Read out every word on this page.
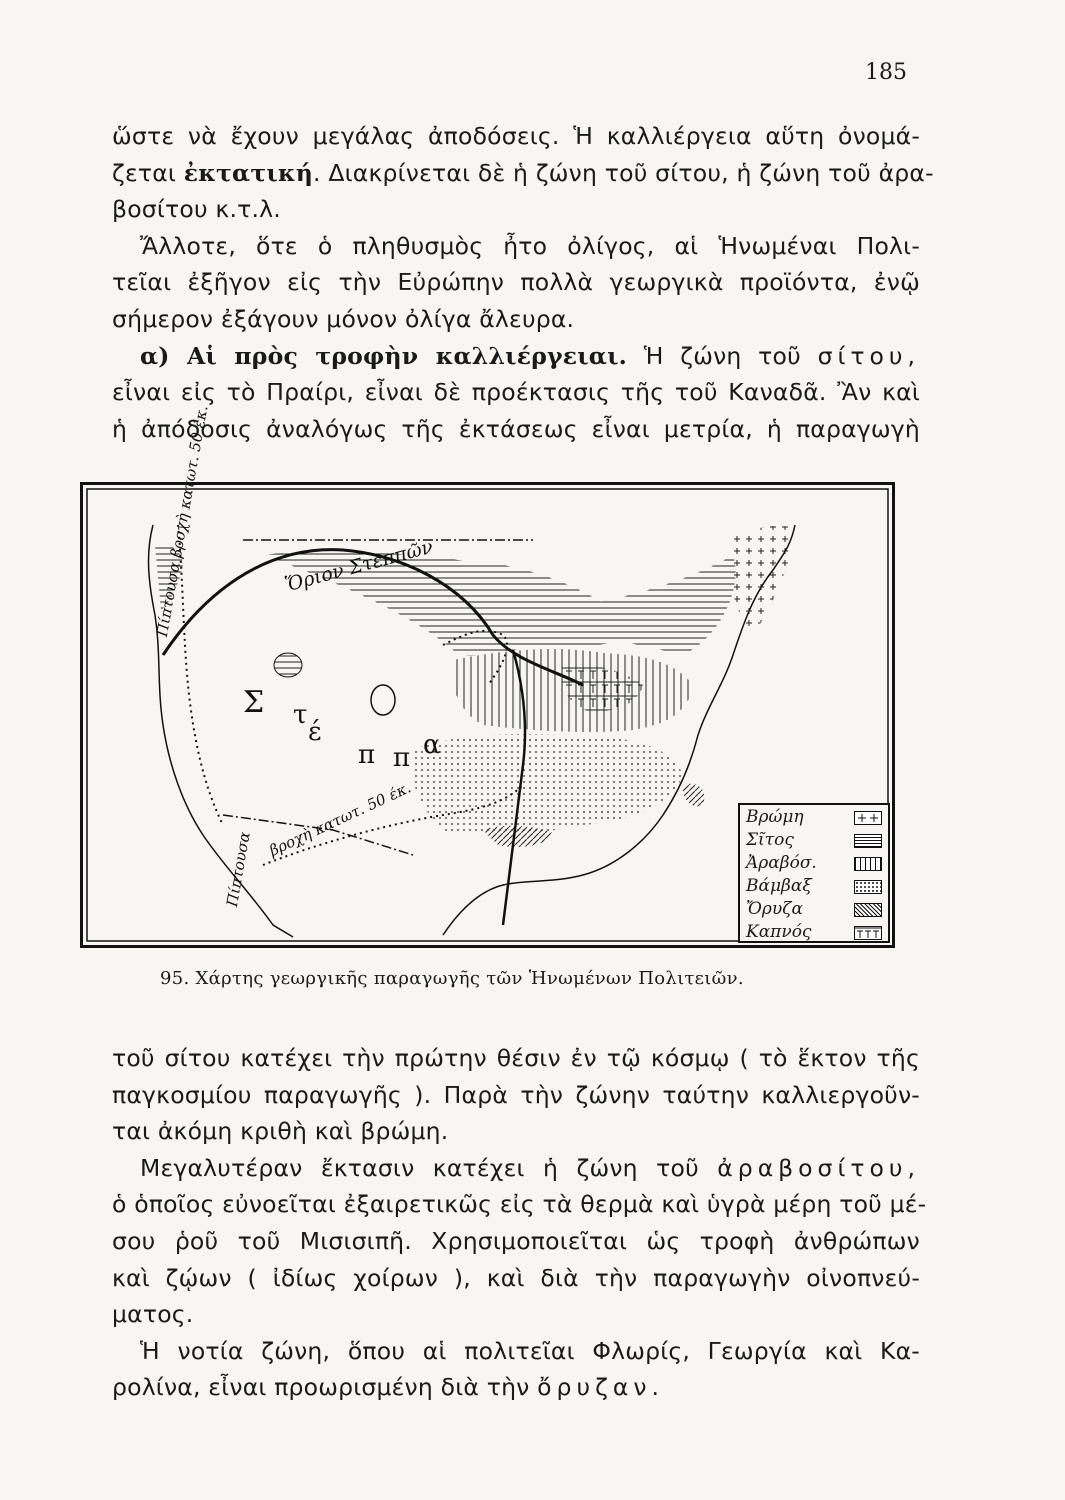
185
ὥστε νὰ ἔχουν μεγάλας ἀποδόσεις. Ἡ καλλιέργεια αὕτη ὀνομά-
ζεται ἐκτατική. Διακρίνεται δὲ ἡ ζώνη τοῦ σίτου, ἡ ζώνη τοῦ ἀρα-
βοσίτου κ.τ.λ.
Ἄλλοτε, ὅτε ὁ πληθυσμὸς ἦτο ὀλίγος, αἱ Ἡνωμέναι Πολι-
τεῖαι ἐξῆγον εἰς τὴν Εὐρώπην πολλὰ γεωργικὰ προϊόντα, ἐνῷ
σήμερον ἐξάγουν μόνον ὀλίγα ἄλευρα.
α) Αἱ πρὸς τροφὴν καλλιέργειαι. Ἡ ζώνη τοῦ σίτου,
εἶναι εἰς τὸ Πραίρι, εἶναι δὲ προέκτασις τῆς τοῦ Καναδᾶ. Ἂν καὶ
ἡ ἀπόδοσις ἀναλόγως τῆς ἐκτάσεως εἶναι μετρία, ἡ παραγωγὴ
Ὅριον Στεππῶν
Πίπτουσα βροχὴ κατωτ. 50 έκ.
βροχὴ κατωτ. 50 έκ.
Πίπτουσα
Σ τ
έ
π π α
Βρώμη
Σῖτος
Ἀραβόσ.
Βάμβαξ
Ὄρυζα
Καπνός
95. Χάρτης γεωργικῆς παραγωγῆς τῶν Ἡνωμένων Πολιτειῶν.
τοῦ σίτου κατέχει τὴν πρώτην θέσιν ἐν τῷ κόσμῳ ( τὸ ἕκτον τῆς
παγκοσμίου παραγωγῆς ). Παρὰ τὴν ζώνην ταύτην καλλιεργοῦν-
ται ἀκόμη κριθὴ καὶ βρώμη.
Μεγαλυτέραν ἔκτασιν κατέχει ἡ ζώνη τοῦ ἀραβοσίτου,
ὁ ὁποῖος εὐνοεῖται ἐξαιρετικῶς εἰς τὰ θερμὰ καὶ ὑγρὰ μέρη τοῦ μέ-
σου ῥοῦ τοῦ Μισισιπῆ. Χρησιμοποιεῖται ὡς τροφὴ ἀνθρώπων
καὶ ζῴων ( ἰδίως χοίρων ), καὶ διὰ τὴν παραγωγὴν οἰνοπνεύ-
ματος.
Ἡ νοτία ζώνη, ὅπου αἱ πολιτεῖαι Φλωρίς, Γεωργία καὶ Κα-
ρολίνα, εἶναι προωρισμένη διὰ τὴν ὄρυζαν.
